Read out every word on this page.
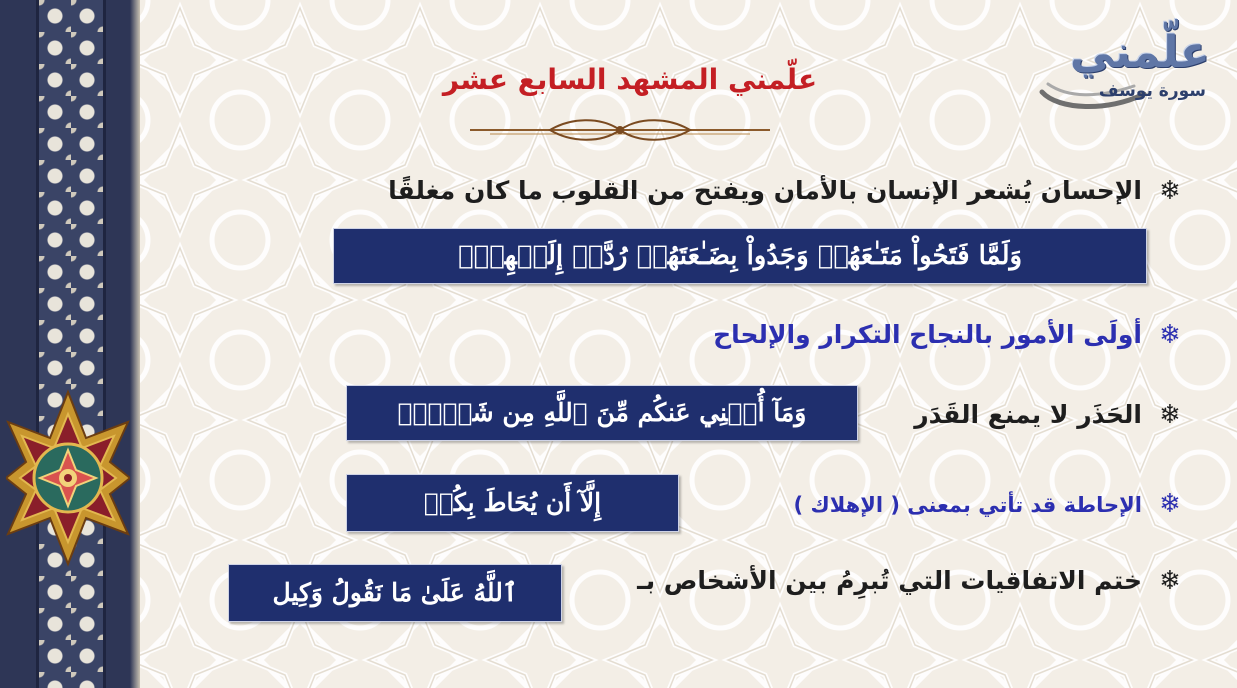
علّمني
سورة يوسف
علّمني المشهد السابع عشر
❄
الإحسان يُشعر الإنسان بالأمان ويفتح من القلوب ما كان مغلقًا
وَلَمَّا فَتَحُواْ مَتَـٰعَهُمۡ وَجَدُواْ بِضَـٰعَتَهُمۡ رُدَّتۡ إِلَيۡهِمۡۖ
❄
أولَى الأمور بالنجاح التكرار والإلحاح
❄
الحَذَر لا يمنع القَدَر
وَمَآ أُغۡنِي عَنكُم مِّنَ ٱللَّهِ مِن شَيۡءٍۖ
❄
الإحاطة قد تأتي بمعنى ( الإهلاك )
إِلَّآ أَن يُحَاطَ بِكُمۡ
❄
ختم الاتفاقيات التي تُبرِمُ بين الأشخاص بـ
ٱللَّهُ عَلَىٰ مَا نَقُولُ وَكِيل
